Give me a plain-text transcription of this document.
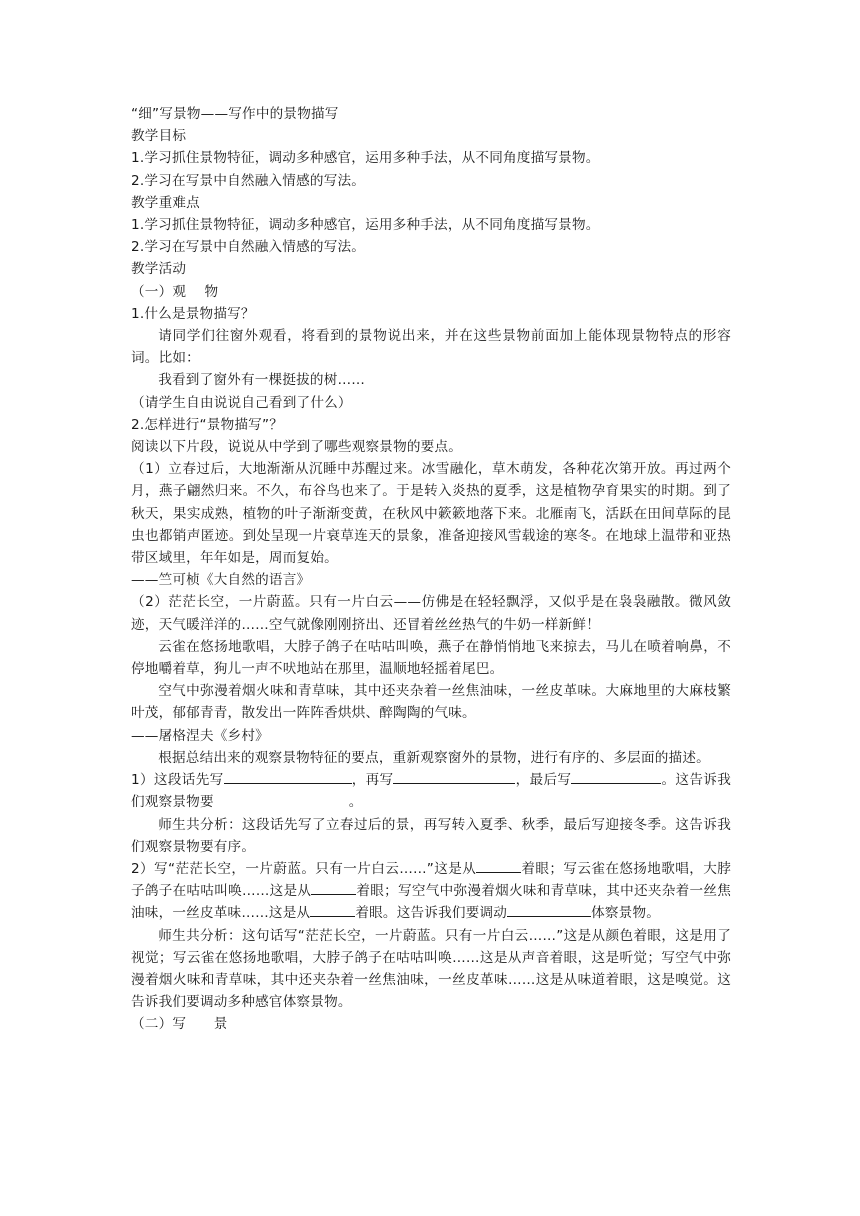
“细”写景物——写作中的景物描写

教学目标

1.学习抓住景物特征，调动多种感官，运用多种手法，从不同角度描写景物。

2.学习在写景中自然融入情感的写法。

教学重难点

1.学习抓住景物特征，调动多种感官，运用多种手法，从不同角度描写景物。

2.学习在写景中自然融入情感的写法。

教学活动

（一）观　 物

1.什么是景物描写？

请同学们往窗外观看，将看到的景物说出来，并在这些景物前面加上能体现景物特点的形容词。比如：

我看到了窗外有一棵挺拔的树……

（请学生自由说说自己看到了什么）

2.怎样进行“景物描写”？

阅读以下片段，说说从中学到了哪些观察景物的要点。

（1）立春过后，大地渐渐从沉睡中苏醒过来。冰雪融化，草木萌发，各种花次第开放。再过两个月，燕子翩然归来。不久，布谷鸟也来了。于是转入炎热的夏季，这是植物孕育果实的时期。到了秋天，果实成熟，植物的叶子渐渐变黄，在秋风中簌簌地落下来。北雁南飞，活跃在田间草际的昆虫也都销声匿迹。到处呈现一片衰草连天的景象，准备迎接风雪载途的寒冬。在地球上温带和亚热带区域里，年年如是，周而复始。

——竺可桢《大自然的语言》

（2）茫茫长空，一片蔚蓝。只有一片白云——仿佛是在轻轻飘浮，又似乎是在袅袅融散。微风敛迹，天气暖洋洋的……空气就像刚刚挤出、还冒着丝丝热气的牛奶一样新鲜！

云雀在悠扬地歌唱，大脖子鸽子在咕咕叫唤，燕子在静悄悄地飞来掠去，马儿在喷着响鼻，不停地嚼着草，狗儿一声不吠地站在那里，温顺地轻摇着尾巴。

空气中弥漫着烟火味和青草味，其中还夹杂着一丝焦油味，一丝皮革味。大麻地里的大麻枝繁叶茂，郁郁青青，散发出一阵阵香烘烘、醉陶陶的气味。

——屠格涅夫《乡村》

根据总结出来的观察景物特征的要点，重新观察窗外的景物，进行有序的、多层面的描述。

1）这段话先写	，再写	，最后写	。这告诉我们观察景物要	。

师生共分析：这段话先写了立春过后的景，再写转入夏季、秋季，最后写迎接冬季。这告诉我们观察景物要有序。

2）写“茫茫长空，一片蔚蓝。只有一片白云……”这是从	着眼；写云雀在悠扬地歌唱，大脖子鸽子在咕咕叫唤……这是从	着眼；写空气中弥漫着烟火味和青草味，其中还夹杂着一丝焦油味，一丝皮革味……这是从	着眼。这告诉我们要调动	体察景物。

师生共分析：这句话写“茫茫长空，一片蔚蓝。只有一片白云……”这是从颜色着眼，这是用了视觉；写云雀在悠扬地歌唱，大脖子鸽子在咕咕叫唤……这是从声音着眼，这是听觉；写空气中弥漫着烟火味和青草味，其中还夹杂着一丝焦油味，一丝皮革味……这是从味道着眼，这是嗅觉。这告诉我们要调动多种感官体察景物。

（二）写　　景
